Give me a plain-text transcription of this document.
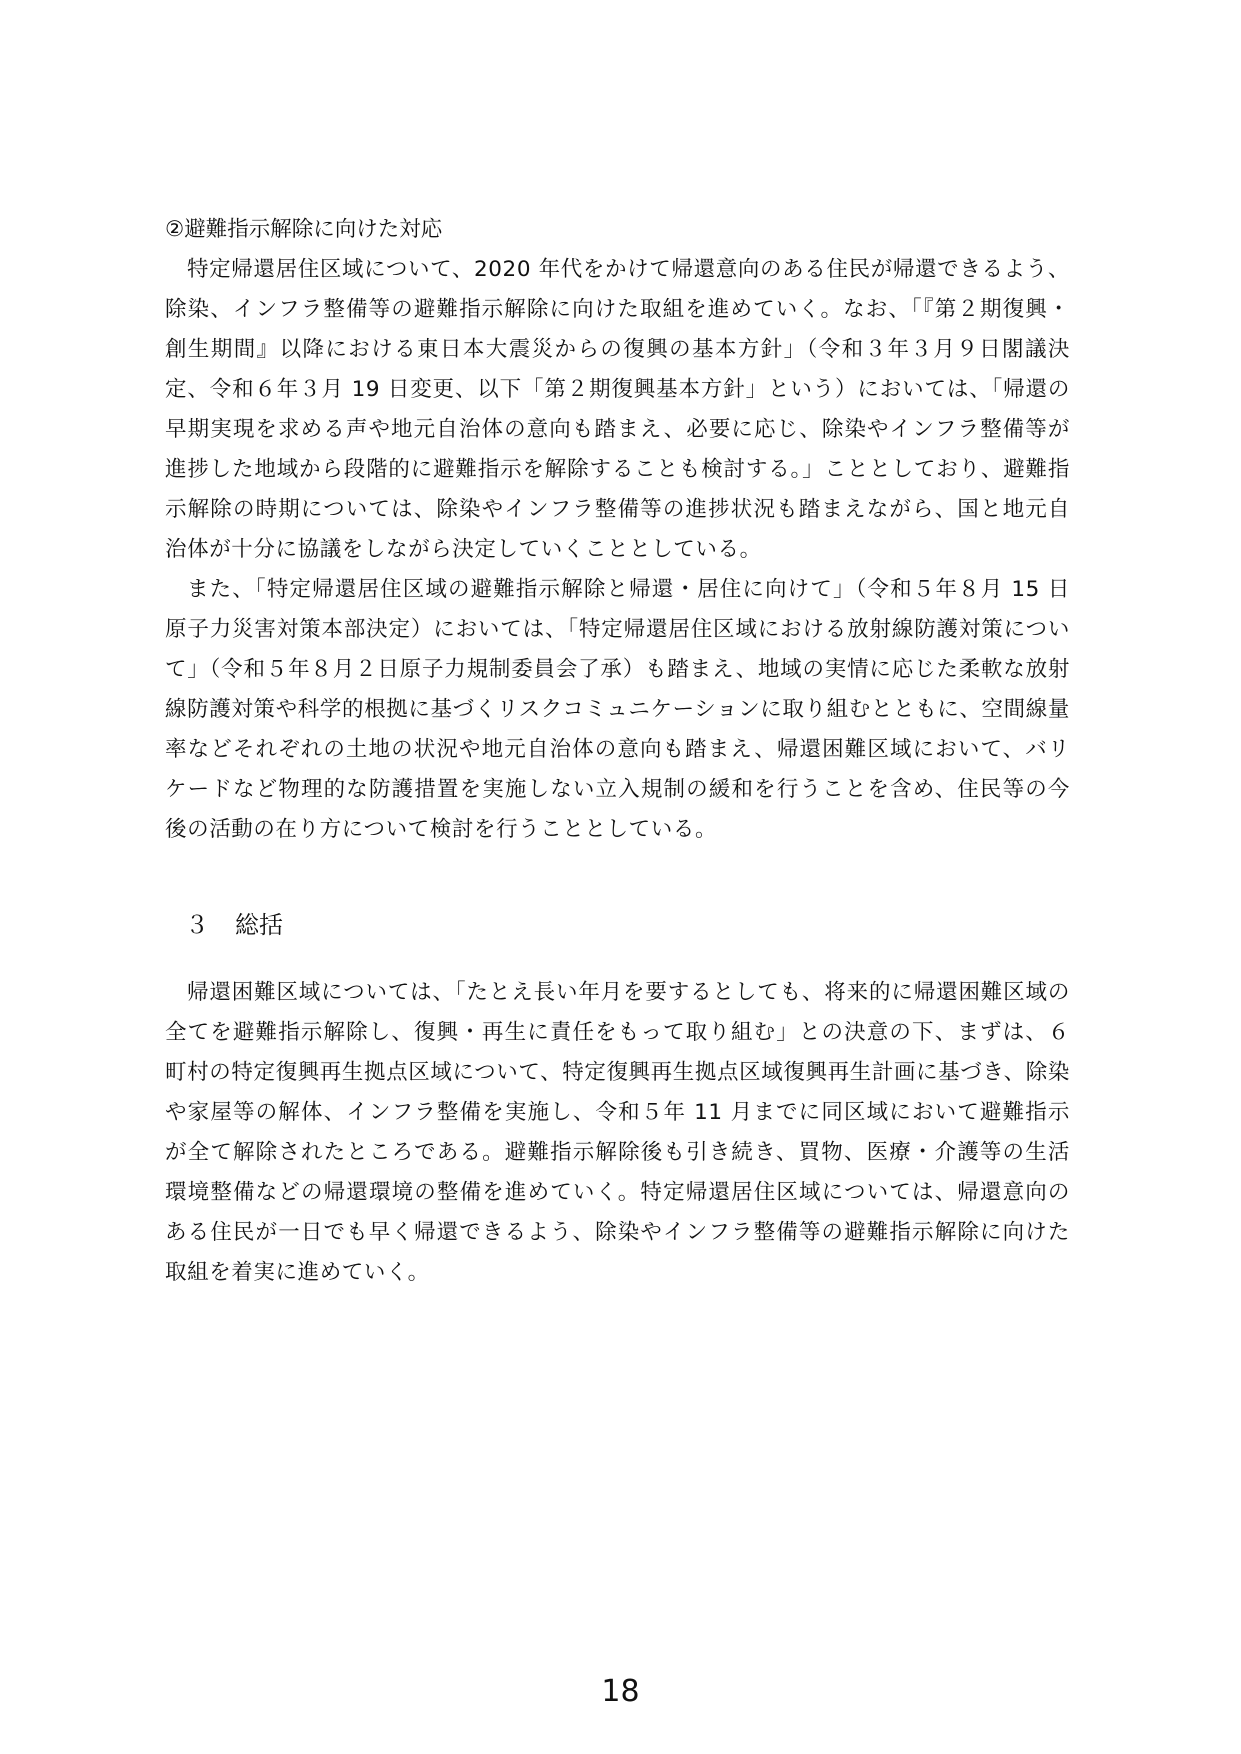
②避難指示解除に向けた対応

特定帰還居住区域について、2020 年代をかけて帰還意向のある住民が帰還できるよう、除染、インフラ整備等の避難指示解除に向けた取組を進めていく。なお、「『第２期復興・創生期間』以降における東日本大震災からの復興の基本方針」（令和３年３月９日閣議決定、令和６年３月 19 日変更、以下「第２期復興基本方針」という）においては、「帰還の早期実現を求める声や地元自治体の意向も踏まえ、必要に応じ、除染やインフラ整備等が進捗した地域から段階的に避難指示を解除することも検討する。」こととしており、避難指示解除の時期については、除染やインフラ整備等の進捗状況も踏まえながら、国と地元自治体が十分に協議をしながら決定していくこととしている。

また、「特定帰還居住区域の避難指示解除と帰還・居住に向けて」（令和５年８月 15 日原子力災害対策本部決定）においては、「特定帰還居住区域における放射線防護対策について」（令和５年８月２日原子力規制委員会了承）も踏まえ、地域の実情に応じた柔軟な放射線防護対策や科学的根拠に基づくリスクコミュニケーションに取り組むとともに、空間線量率などそれぞれの土地の状況や地元自治体の意向も踏まえ、帰還困難区域において、バリケードなど物理的な防護措置を実施しない立入規制の緩和を行うことを含め、住民等の今後の活動の在り方について検討を行うこととしている。

３ 総括

帰還困難区域については、「たとえ長い年月を要するとしても、将来的に帰還困難区域の全てを避難指示解除し、復興・再生に責任をもって取り組む」との決意の下、まずは、６町村の特定復興再生拠点区域について、特定復興再生拠点区域復興再生計画に基づき、除染や家屋等の解体、インフラ整備を実施し、令和５年 11 月までに同区域において避難指示が全て解除されたところである。避難指示解除後も引き続き、買物、医療・介護等の生活環境整備などの帰還環境の整備を進めていく。特定帰還居住区域については、帰還意向のある住民が一日でも早く帰還できるよう、除染やインフラ整備等の避難指示解除に向けた取組を着実に進めていく。

18
